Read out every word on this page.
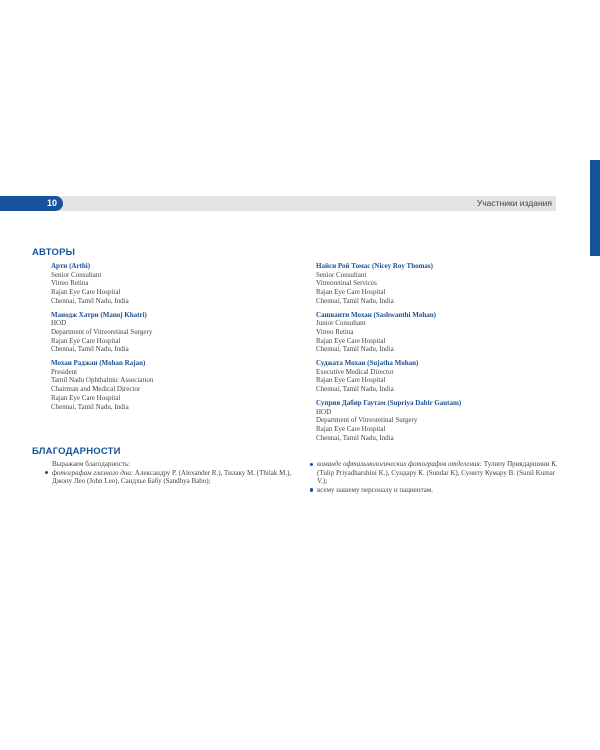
10	Участники издания
АВТОРЫ
Арти (Arthi)
Senior Consultant
Vitreo Retina
Rajan Eye Care Hospital
Chennai, Tamil Nadu, India
Манодж Хатри (Manoj Khatri)
HOD
Department of Vitreoretinal Surgery
Rajan Eye Care Hospital
Chennai, Tamil Nadu, India
Мохан Раджан (Mohan Rajan)
President
Tamil Nadu Ophthalmic Association
Chairman and Medical Director
Rajan Eye Care Hospital
Chennai, Tamil Nadu, India
Найси Рой Томас (Nicey Roy Thomas)
Senior Consultant
Vitreoretinal Services
Rajan Eye Care Hospital
Chennai, Tamil Nadu, India
Сашванти Мохан (Sashwanthi Mohan)
Junior Consultant
Vitreo Retina
Rajan Eye Care Hospital
Chennai, Tamil Nadu, India
Суджата Мохан (Sujatha Mohan)
Executive Medical Director
Rajan Eye Care Hospital
Chennai, Tamil Nadu, India
Суприя Дабир Гаутам (Supriya Dabir Gautam)
HOD
Department of Vitreoretinal Surgery
Rajan Eye Care Hospital
Chennai, Tamil Nadu, India
БЛАГОДАРНОСТИ

Выражаем благодарность:

фотографам глазного дна: Александру Р. (Alexander R.), Тилаку М. (Thilak M.), Джону Лео (John Leo), Сандхье Бабу (Sandhya Babu);

команде офтальмологических фотографов отделения: Тулипу Приядаршини К. (Tulip Priyadharshini K.), Сундару К. (Sundar K), Суниту Кумару В. (Sunil Kumar V.);

всему нашему персоналу и пациентам.
